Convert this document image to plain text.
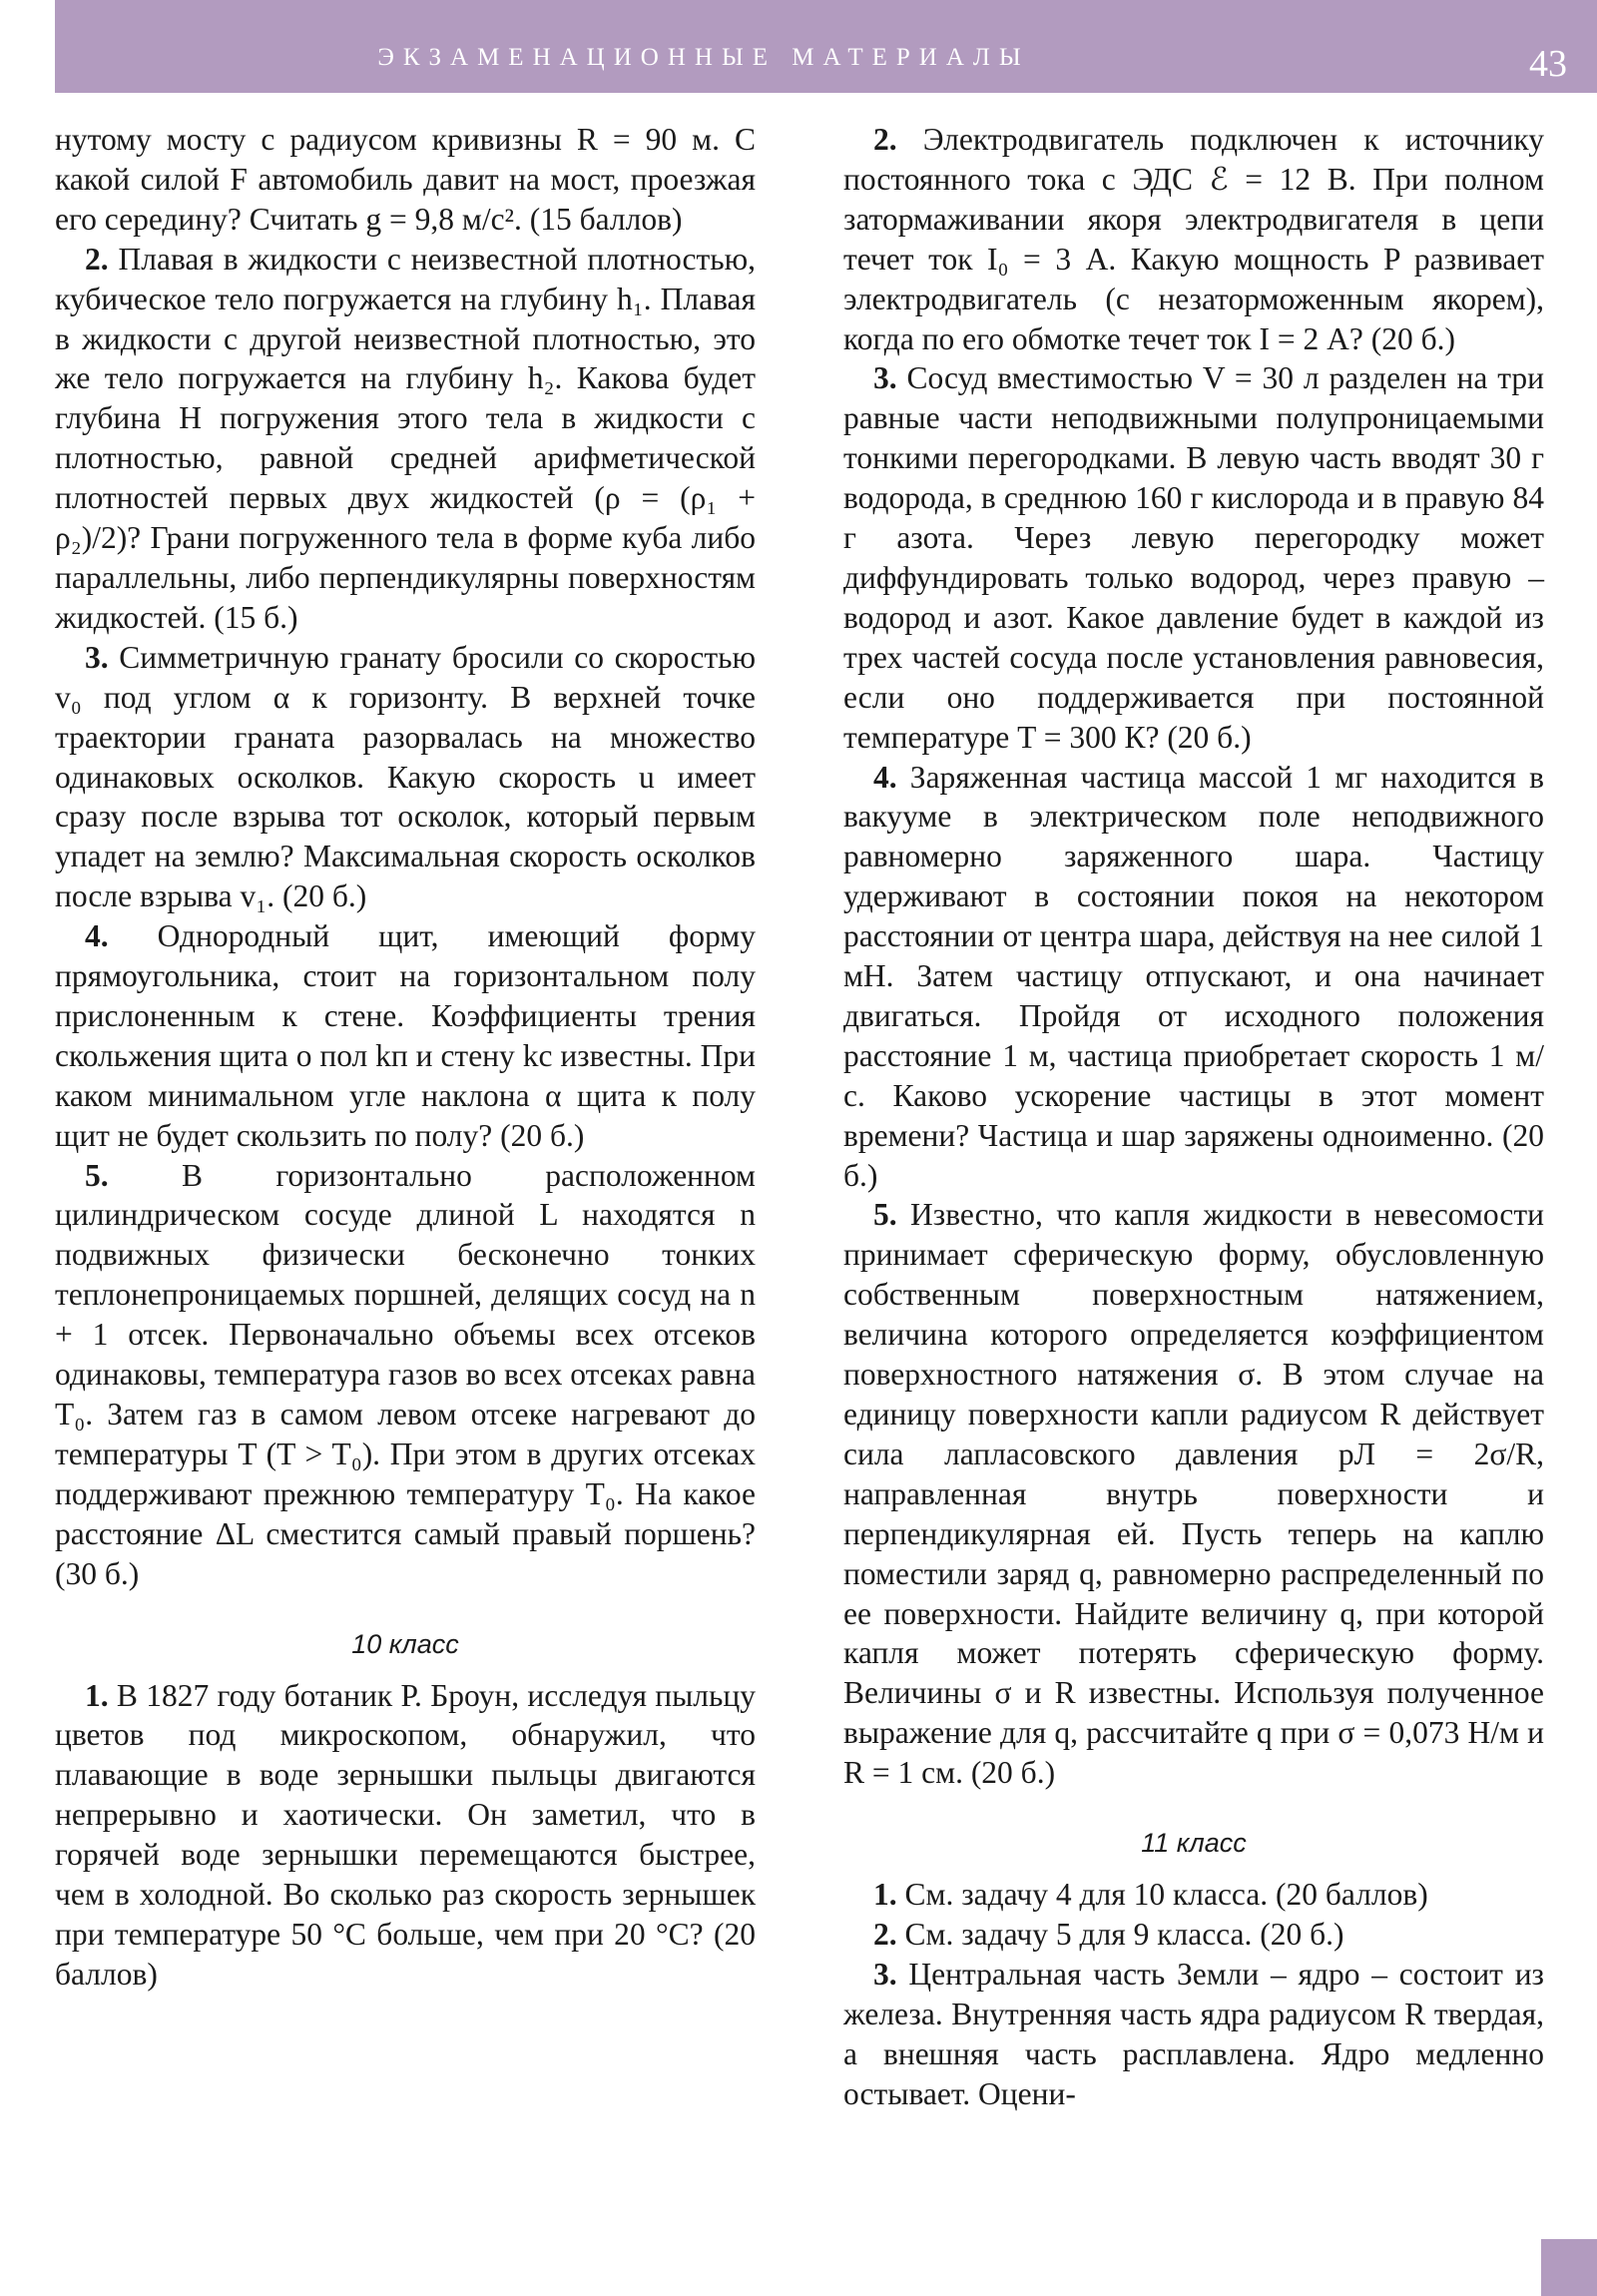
ЭКЗАМЕНАЦИОННЫЕ МАТЕРИАЛЫ	43

нутому мосту с радиусом кривизны R = 90 м. С какой силой F автомобиль давит на мост, проезжая его середину? Считать g = 9,8 м/с². (15 баллов)

2. Плавая в жидкости с неизвестной плотностью, кубическое тело погружается на глубину h₁. Плавая в жидкости с другой неизвестной плотностью, это же тело погружается на глубину h₂. Какова будет глубина H погружения этого тела в жидкости с плотностью, равной средней арифметической плотностей первых двух жидкостей (ρ = (ρ₁ + ρ₂)/2)? Грани погруженного тела в форме куба либо параллельны, либо перпендикулярны поверхностям жидкостей. (15 б.)

3. Симметричную гранату бросили со скоростью v₀ под углом α к горизонту. В верхней точке траектории граната разорвалась на множество одинаковых осколков. Какую скорость u имеет сразу после взрыва тот осколок, который первым упадет на землю? Максимальная скорость осколков после взрыва v₁. (20 б.)

4. Однородный щит, имеющий форму прямоугольника, стоит на горизонтальном полу прислоненным к стене. Коэффициенты трения скольжения щита о пол kп и стену kс известны. При каком минимальном угле наклона α щита к полу щит не будет скользить по полу? (20 б.)

5. В горизонтально расположенном цилиндрическом сосуде длиной L находятся n подвижных физически бесконечно тонких теплонепроницаемых поршней, делящих сосуд на n + 1 отсек. Первоначально объемы всех отсеков одинаковы, температура газов во всех отсеках равна T₀. Затем газ в самом левом отсеке нагревают до температуры T (T > T₀). При этом в других отсеках поддерживают прежнюю температуру T₀. На какое расстояние ΔL сместится самый правый поршень? (30 б.)

10 класс

1. В 1827 году ботаник Р. Броун, исследуя пыльцу цветов под микроскопом, обнаружил, что плавающие в воде зернышки пыльцы двигаются непрерывно и хаотически. Он заметил, что в горячей воде зернышки перемещаются быстрее, чем в холодной. Во сколько раз скорость зернышек при температуре 50 °C больше, чем при 20 °C? (20 баллов)

2. Электродвигатель подключен к источнику постоянного тока с ЭДС ℰ = 12 В. При полном затормаживании якоря электродвигателя в цепи течет ток I₀ = 3 А. Какую мощность P развивает электродвигатель (с незаторможенным якорем), когда по его обмотке течет ток I = 2 А? (20 б.)

3. Сосуд вместимостью V = 30 л разделен на три равные части неподвижными полупроницаемыми тонкими перегородками. В левую часть вводят 30 г водорода, в среднюю 160 г кислорода и в правую 84 г азота. Через левую перегородку может диффундировать только водород, через правую – водород и азот. Какое давление будет в каждой из трех частей сосуда после установления равновесия, если оно поддерживается при постоянной температуре T = 300 К? (20 б.)

4. Заряженная частица массой 1 мг находится в вакууме в электрическом поле неподвижного равномерно заряженного шара. Частицу удерживают в состоянии покоя на некотором расстоянии от центра шара, действуя на нее силой 1 мН. Затем частицу отпускают, и она начинает двигаться. Пройдя от исходного положения расстояние 1 м, частица приобретает скорость 1 м/с. Каково ускорение частицы в этот момент времени? Частица и шар заряжены одноименно. (20 б.)

5. Известно, что капля жидкости в невесомости принимает сферическую форму, обусловленную собственным поверхностным натяжением, величина которого определяется коэффициентом поверхностного натяжения σ. В этом случае на единицу поверхности капли радиусом R действует сила лапласовского давления pЛ = 2σ/R, направленная внутрь поверхности и перпендикулярная ей. Пусть теперь на каплю поместили заряд q, равномерно распределенный по ее поверхности. Найдите величину q, при которой капля может потерять сферическую форму. Величины σ и R известны. Используя полученное выражение для q, рассчитайте q при σ = 0,073 Н/м и R = 1 см. (20 б.)

11 класс

1. См. задачу 4 для 10 класса. (20 баллов)

2. См. задачу 5 для 9 класса. (20 б.)

3. Центральная часть Земли – ядро – состоит из железа. Внутренняя часть ядра радиусом R твердая, а внешняя часть расплавлена. Ядро медленно остывает. Оцени-
